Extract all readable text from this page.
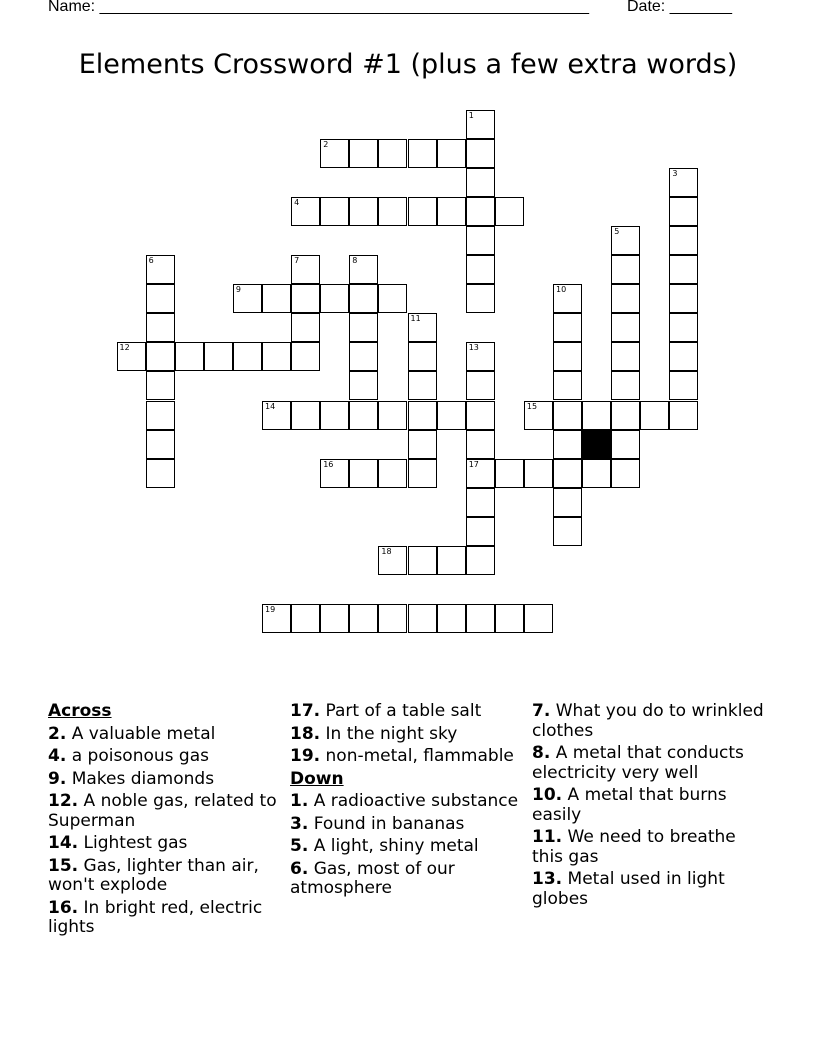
Name: _______________________________________________________ Date: _______
Elements Crossword #1 (plus a few extra words)
2
4
9
12
14	15
16	17
18
19
1
3
5
6	7	8
10
11
13
Across
2. A valuable metal
4. a poisonous gas
9. Makes diamonds
12. A noble gas, related to Superman
14. Lightest gas
15. Gas, lighter than air, won't explode
16. In bright red, electric lights
17. Part of a table salt
18. In the night sky
19. non-metal, flammable
Down
1. A radioactive substance
3. Found in bananas
5. A light, shiny metal
6. Gas, most of our atmosphere
7. What you do to wrinkled clothes
8. A metal that conducts electricity very well
10. A metal that burns easily
11. We need to breathe this gas
13. Metal used in light globes
